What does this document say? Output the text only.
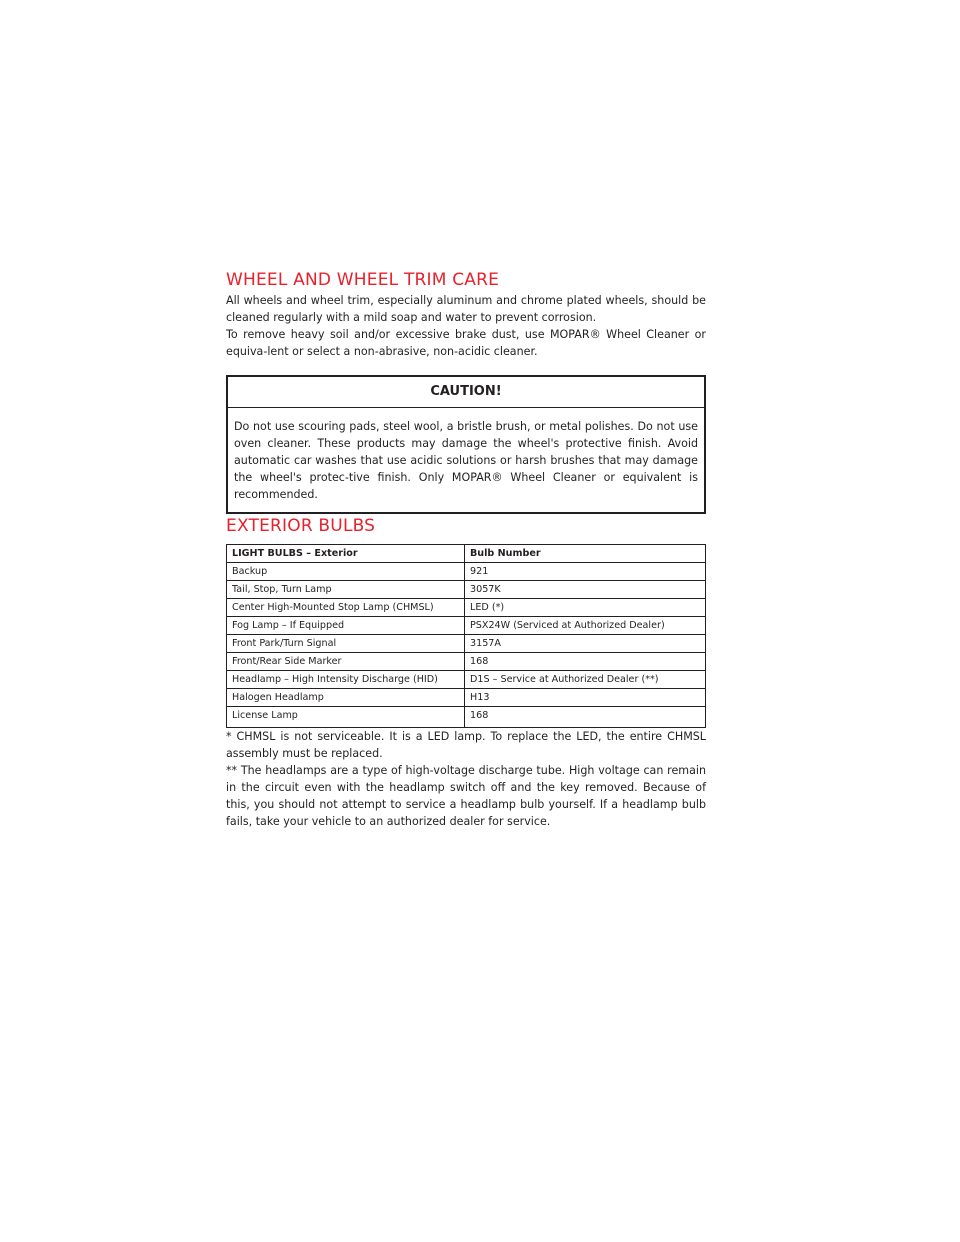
WHEEL AND WHEEL TRIM CARE

All wheels and wheel trim, especially aluminum and chrome plated wheels, should be cleaned regularly with a mild soap and water to prevent corrosion.

To remove heavy soil and/or excessive brake dust, use MOPAR® Wheel Cleaner or equiva-lent or select a non-abrasive, non-acidic cleaner.

CAUTION!

Do not use scouring pads, steel wool, a bristle brush, or metal polishes. Do not use oven cleaner. These products may damage the wheel's protective finish. Avoid automatic car washes that use acidic solutions or harsh brushes that may damage the wheel's protec-tive finish. Only MOPAR® Wheel Cleaner or equivalent is recommended.

EXTERIOR BULBS
LIGHT BULBS – Exterior	Bulb Number
Backup	921
Tail, Stop, Turn Lamp	3057K
Center High-Mounted Stop Lamp (CHMSL)	LED (*)
Fog Lamp – If Equipped	PSX24W (Serviced at Authorized Dealer)
Front Park/Turn Signal	3157A
Front/Rear Side Marker	168
Headlamp – High Intensity Discharge (HID)	D1S – Service at Authorized Dealer (**)
Halogen Headlamp	H13
License Lamp	168

* CHMSL is not serviceable. It is a LED lamp. To replace the LED, the entire CHMSL assembly must be replaced.

** The headlamps are a type of high-voltage discharge tube. High voltage can remain in the circuit even with the headlamp switch off and the key removed. Because of this, you should not attempt to service a headlamp bulb yourself. If a headlamp bulb fails, take your vehicle to an authorized dealer for service.
